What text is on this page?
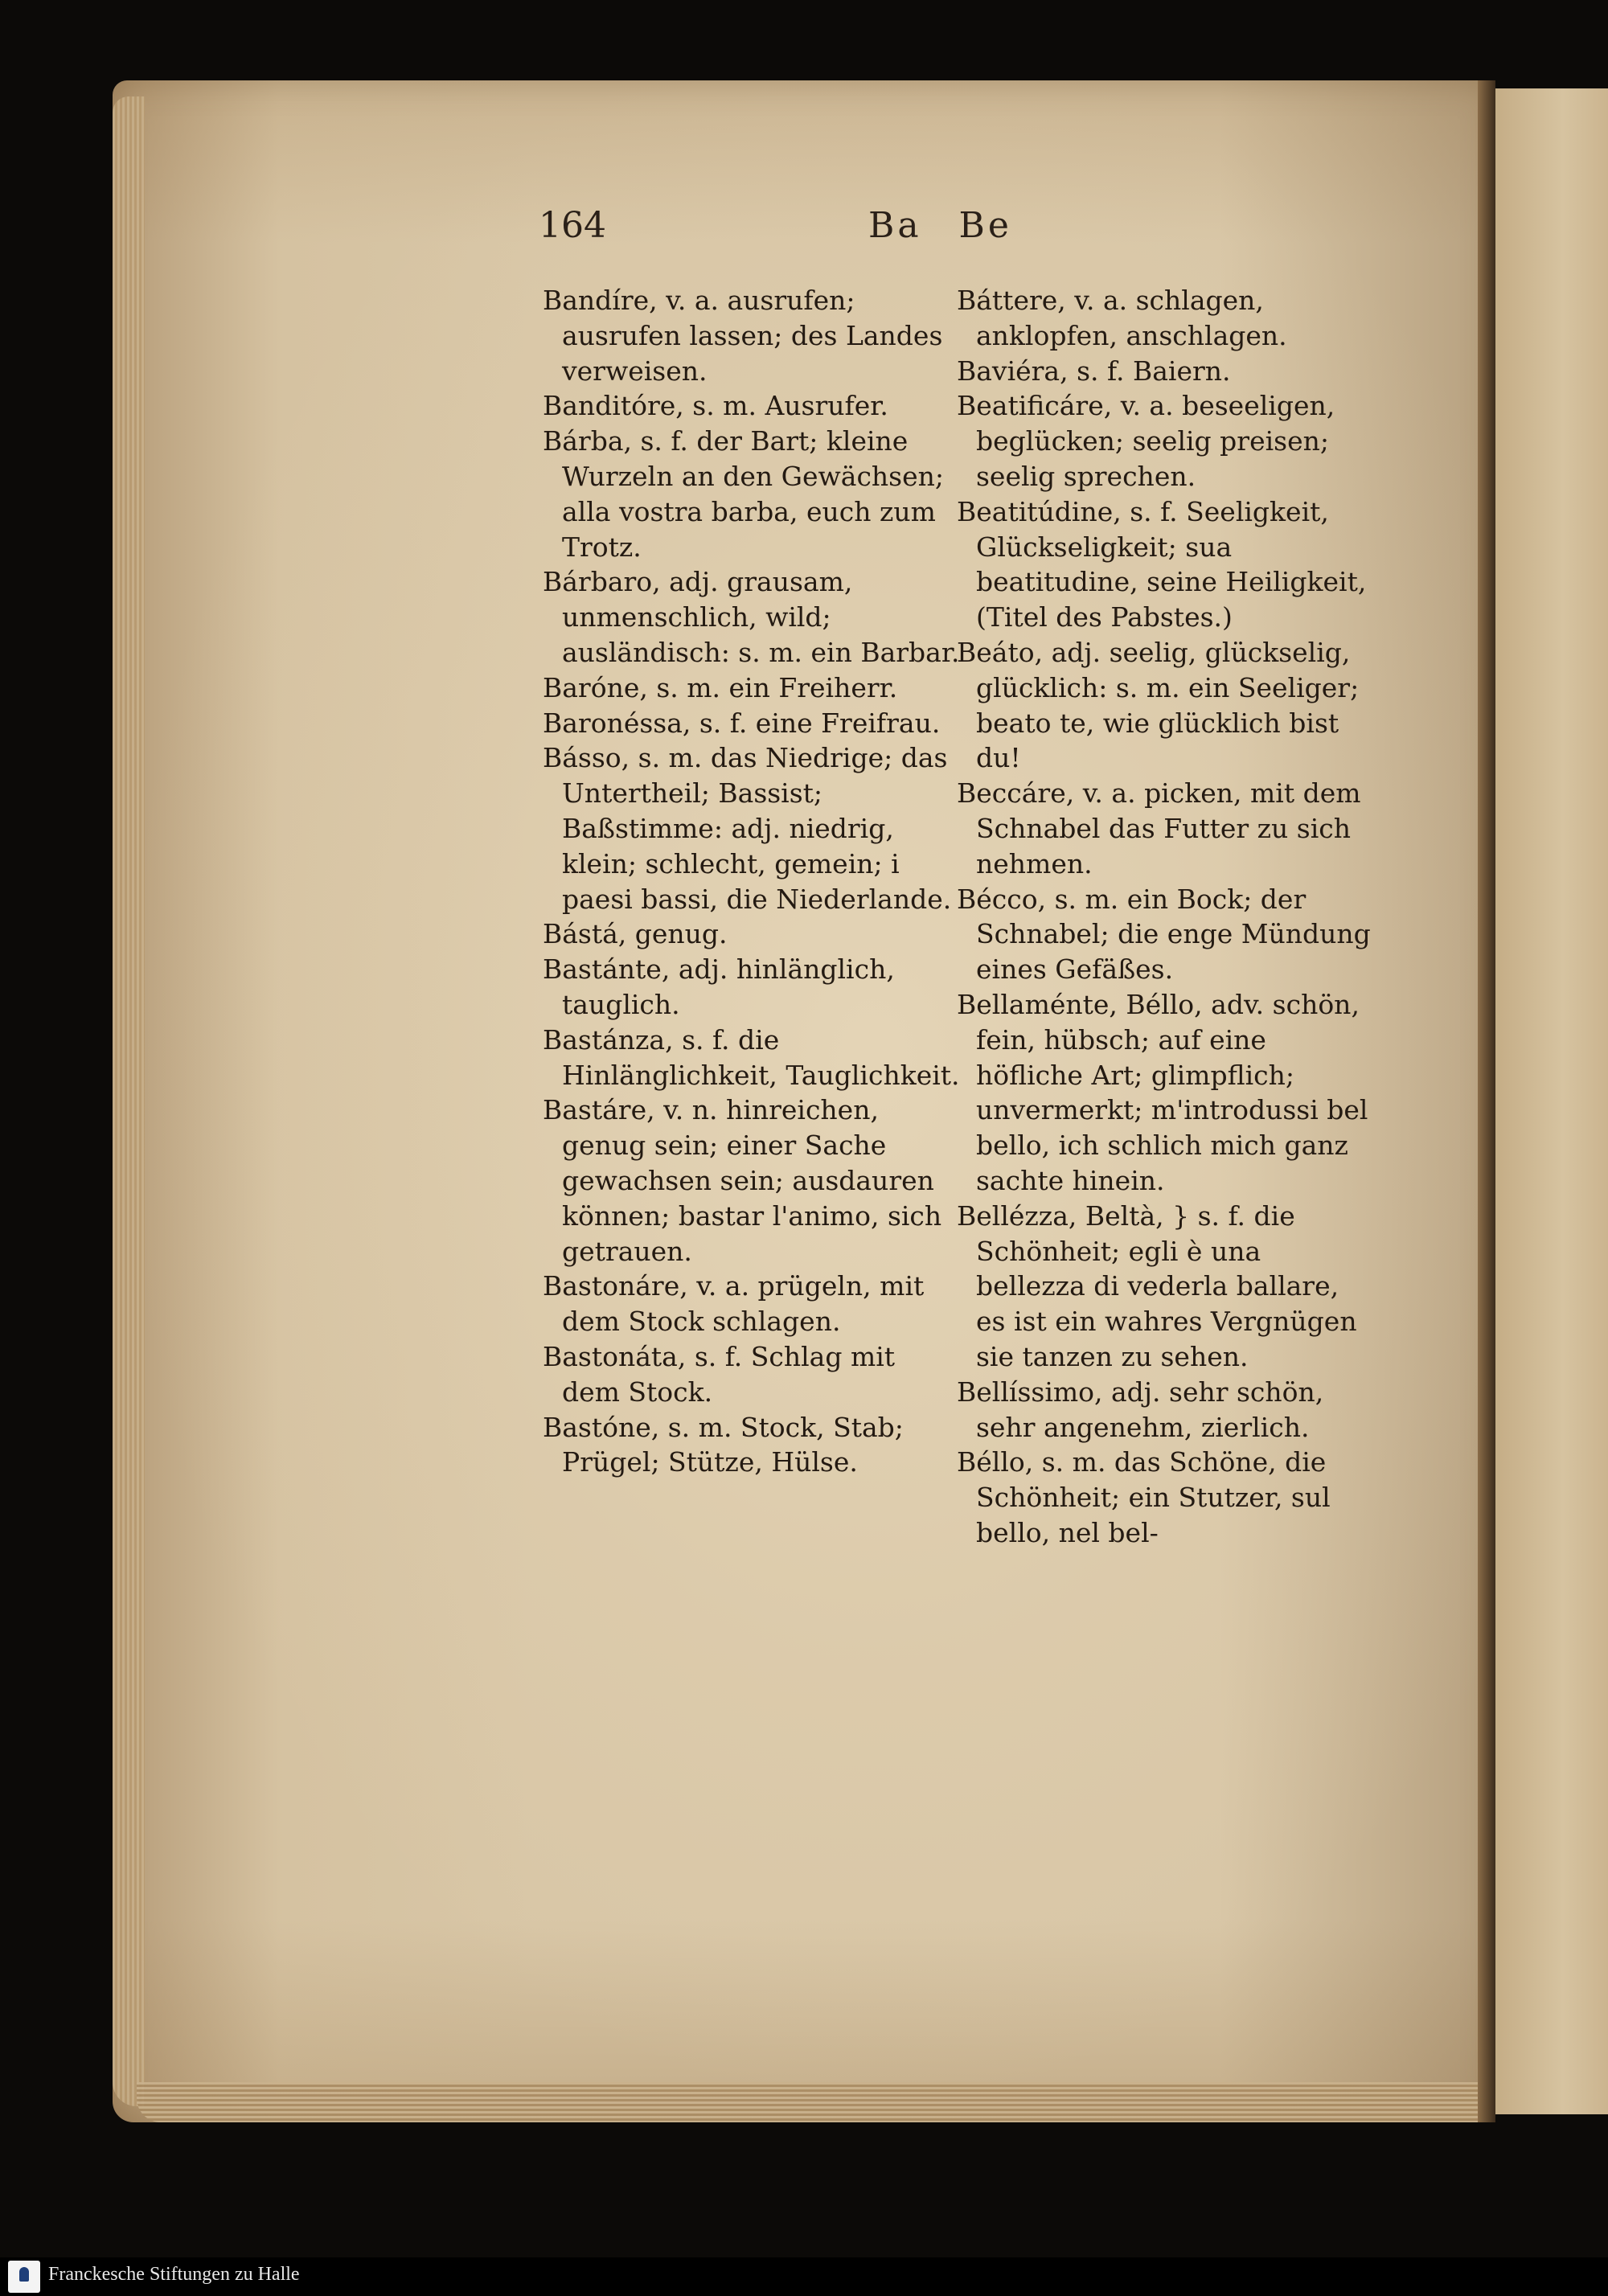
164	Ba Be

Bandíre, v. a. ausrufen; ausrufen lassen; des Landes verweisen.

Banditóre, s. m. Ausrufer.

Bárba, s. f. der Bart; kleine Wurzeln an den Gewächsen; alla vostra barba, euch zum Trotz.

Bárbaro, adj. grausam, unmenschlich, wild; ausländisch: s. m. ein Barbar.

Baróne, s. m. ein Freiherr.

Baronéssa, s. f. eine Freifrau.

Básso, s. m. das Niedrige; das Untertheil; Bassist; Baßstimme: adj. niedrig, klein; schlecht, gemein; i paesi bassi, die Niederlande.

Bástá, genug.

Bastánte, adj. hinlänglich, tauglich.

Bastánza, s. f. die Hinlänglichkeit, Tauglichkeit.

Bastáre, v. n. hinreichen, genug sein; einer Sache gewachsen sein; ausdauren können; bastar l'animo, sich getrauen.

Bastonáre, v. a. prügeln, mit dem Stock schlagen.

Bastonáta, s. f. Schlag mit dem Stock.

Bastóne, s. m. Stock, Stab; Prügel; Stütze, Hülse.

Báttere, v. a. schlagen, anklopfen, anschlagen.

Baviéra, s. f. Baiern.

Beatificáre, v. a. beseeligen, beglücken; seelig preisen; seelig sprechen.

Beatitúdine, s. f. Seeligkeit, Glückseligkeit; sua beatitudine, seine Heiligkeit, (Titel des Pabstes.)

Beáto, adj. seelig, glückselig, glücklich: s. m. ein Seeliger; beato te, wie glücklich bist du!

Beccáre, v. a. picken, mit dem Schnabel das Futter zu sich nehmen.

Bécco, s. m. ein Bock; der Schnabel; die enge Mündung eines Gefäßes.

Bellaménte, Béllo, adv. schön, fein, hübsch; auf eine höfliche Art; glimpflich; unvermerkt; m'introdussi bel bello, ich schlich mich ganz sachte hinein.

Bellézza, Beltà, } s. f. die Schönheit; egli è una bellezza di vederla ballare, es ist ein wahres Vergnügen sie tanzen zu sehen.

Bellíssimo, adj. sehr schön, sehr angenehm, zierlich.

Béllo, s. m. das Schöne, die Schönheit; ein Stutzer, sul bello, nel bel-

Franckesche Stiftungen zu Halle
